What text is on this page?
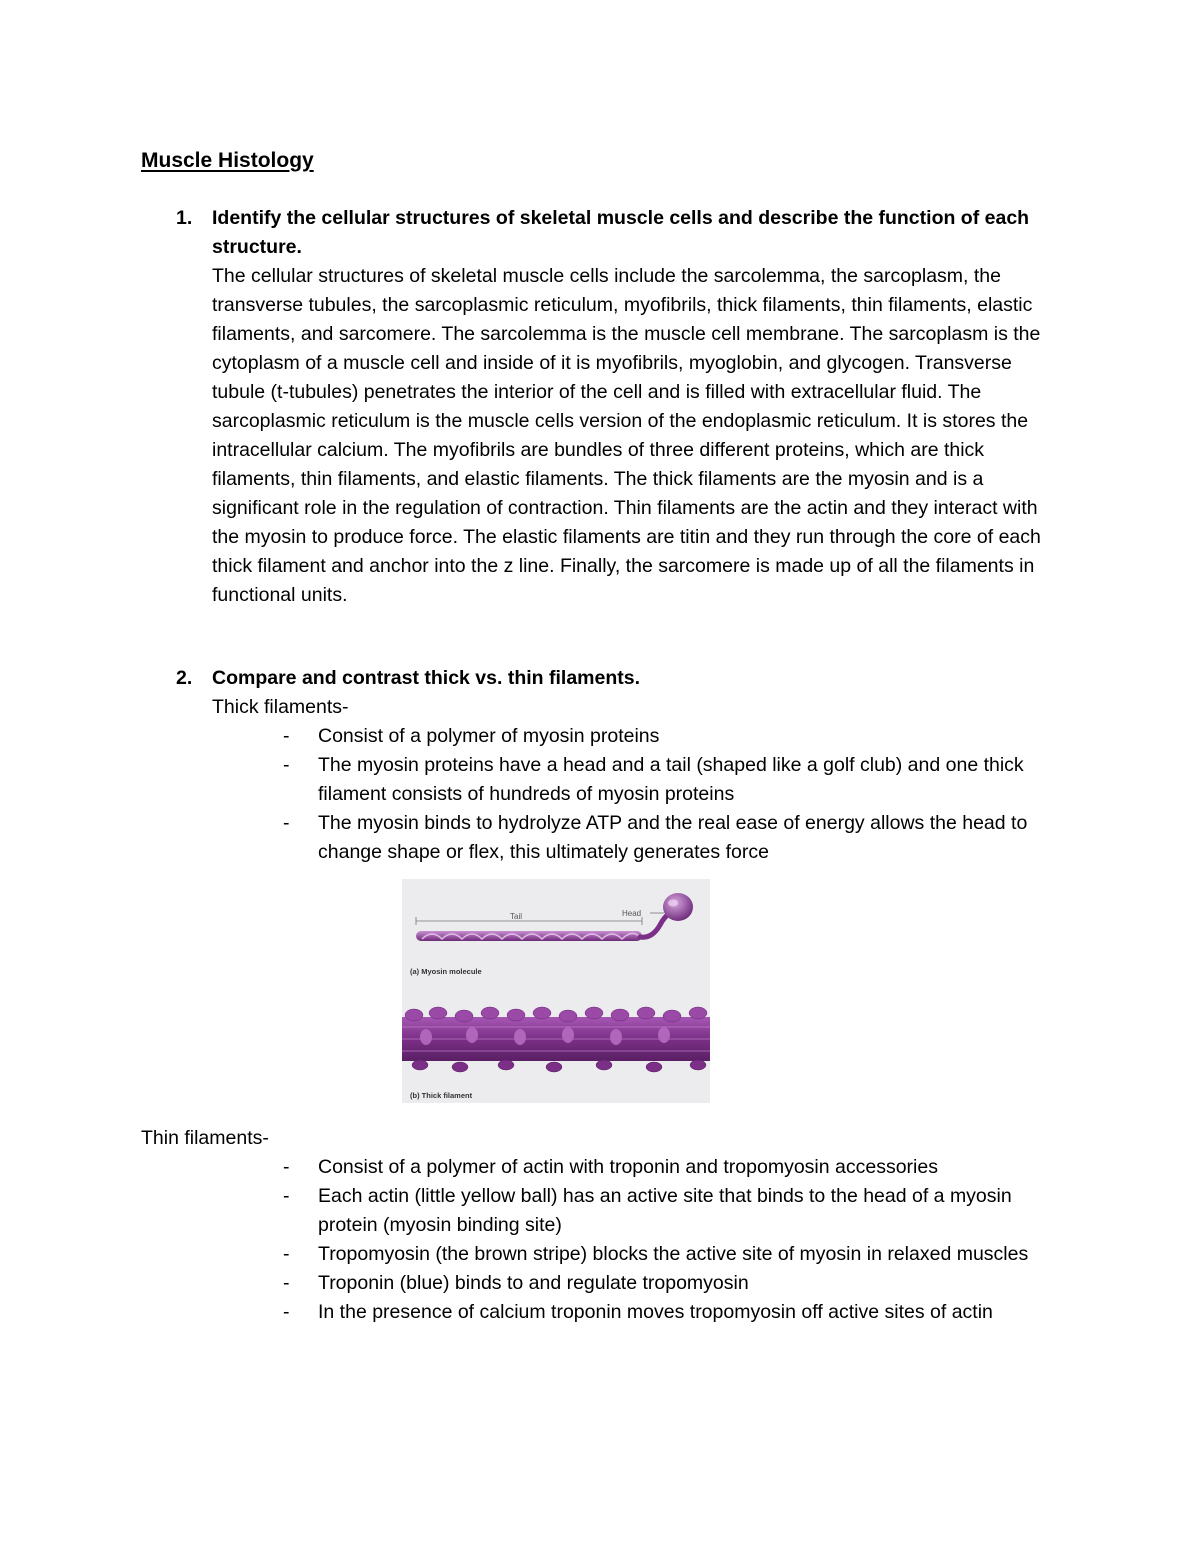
Muscle Histology
1. Identify the cellular structures of skeletal muscle cells and describe the function of each structure.
The cellular structures of skeletal muscle cells include the sarcolemma, the sarcoplasm, the transverse tubules, the sarcoplasmic reticulum, myofibrils, thick filaments, thin filaments, elastic filaments, and sarcomere. The sarcolemma is the muscle cell membrane. The sarcoplasm is the cytoplasm of a muscle cell and inside of it is myofibrils, myoglobin, and glycogen. Transverse tubule (t-tubules) penetrates the interior of the cell and is filled with extracellular fluid. The sarcoplasmic reticulum is the muscle cells version of the endoplasmic reticulum. It is stores the intracellular calcium. The myofibrils are bundles of three different proteins, which are thick filaments, thin filaments, and elastic filaments. The thick filaments are the myosin and is a significant role in the regulation of contraction. Thin filaments are the actin and they interact with the myosin to produce force. The elastic filaments are titin and they run through the core of each thick filament and anchor into the z line. Finally, the sarcomere is made up of all the filaments in functional units.
2. Compare and contrast thick vs. thin filaments.
Thick filaments-
- Consist of a polymer of myosin proteins
- The myosin proteins have a head and a tail (shaped like a golf club) and one thick filament consists of hundreds of myosin proteins
- The myosin binds to hydrolyze ATP and the real ease of energy allows the head to change shape or flex, this ultimately generates force
Tail	Head
(a) Myosin molecule
(b) Thick filament
Thin filaments-
- Consist of a polymer of actin with troponin and tropomyosin accessories
- Each actin (little yellow ball) has an active site that binds to the head of a myosin protein (myosin binding site)
- Tropomyosin (the brown stripe) blocks the active site of myosin in relaxed muscles
- Troponin (blue) binds to and regulate tropomyosin
- In the presence of calcium troponin moves tropomyosin off active sites of actin
